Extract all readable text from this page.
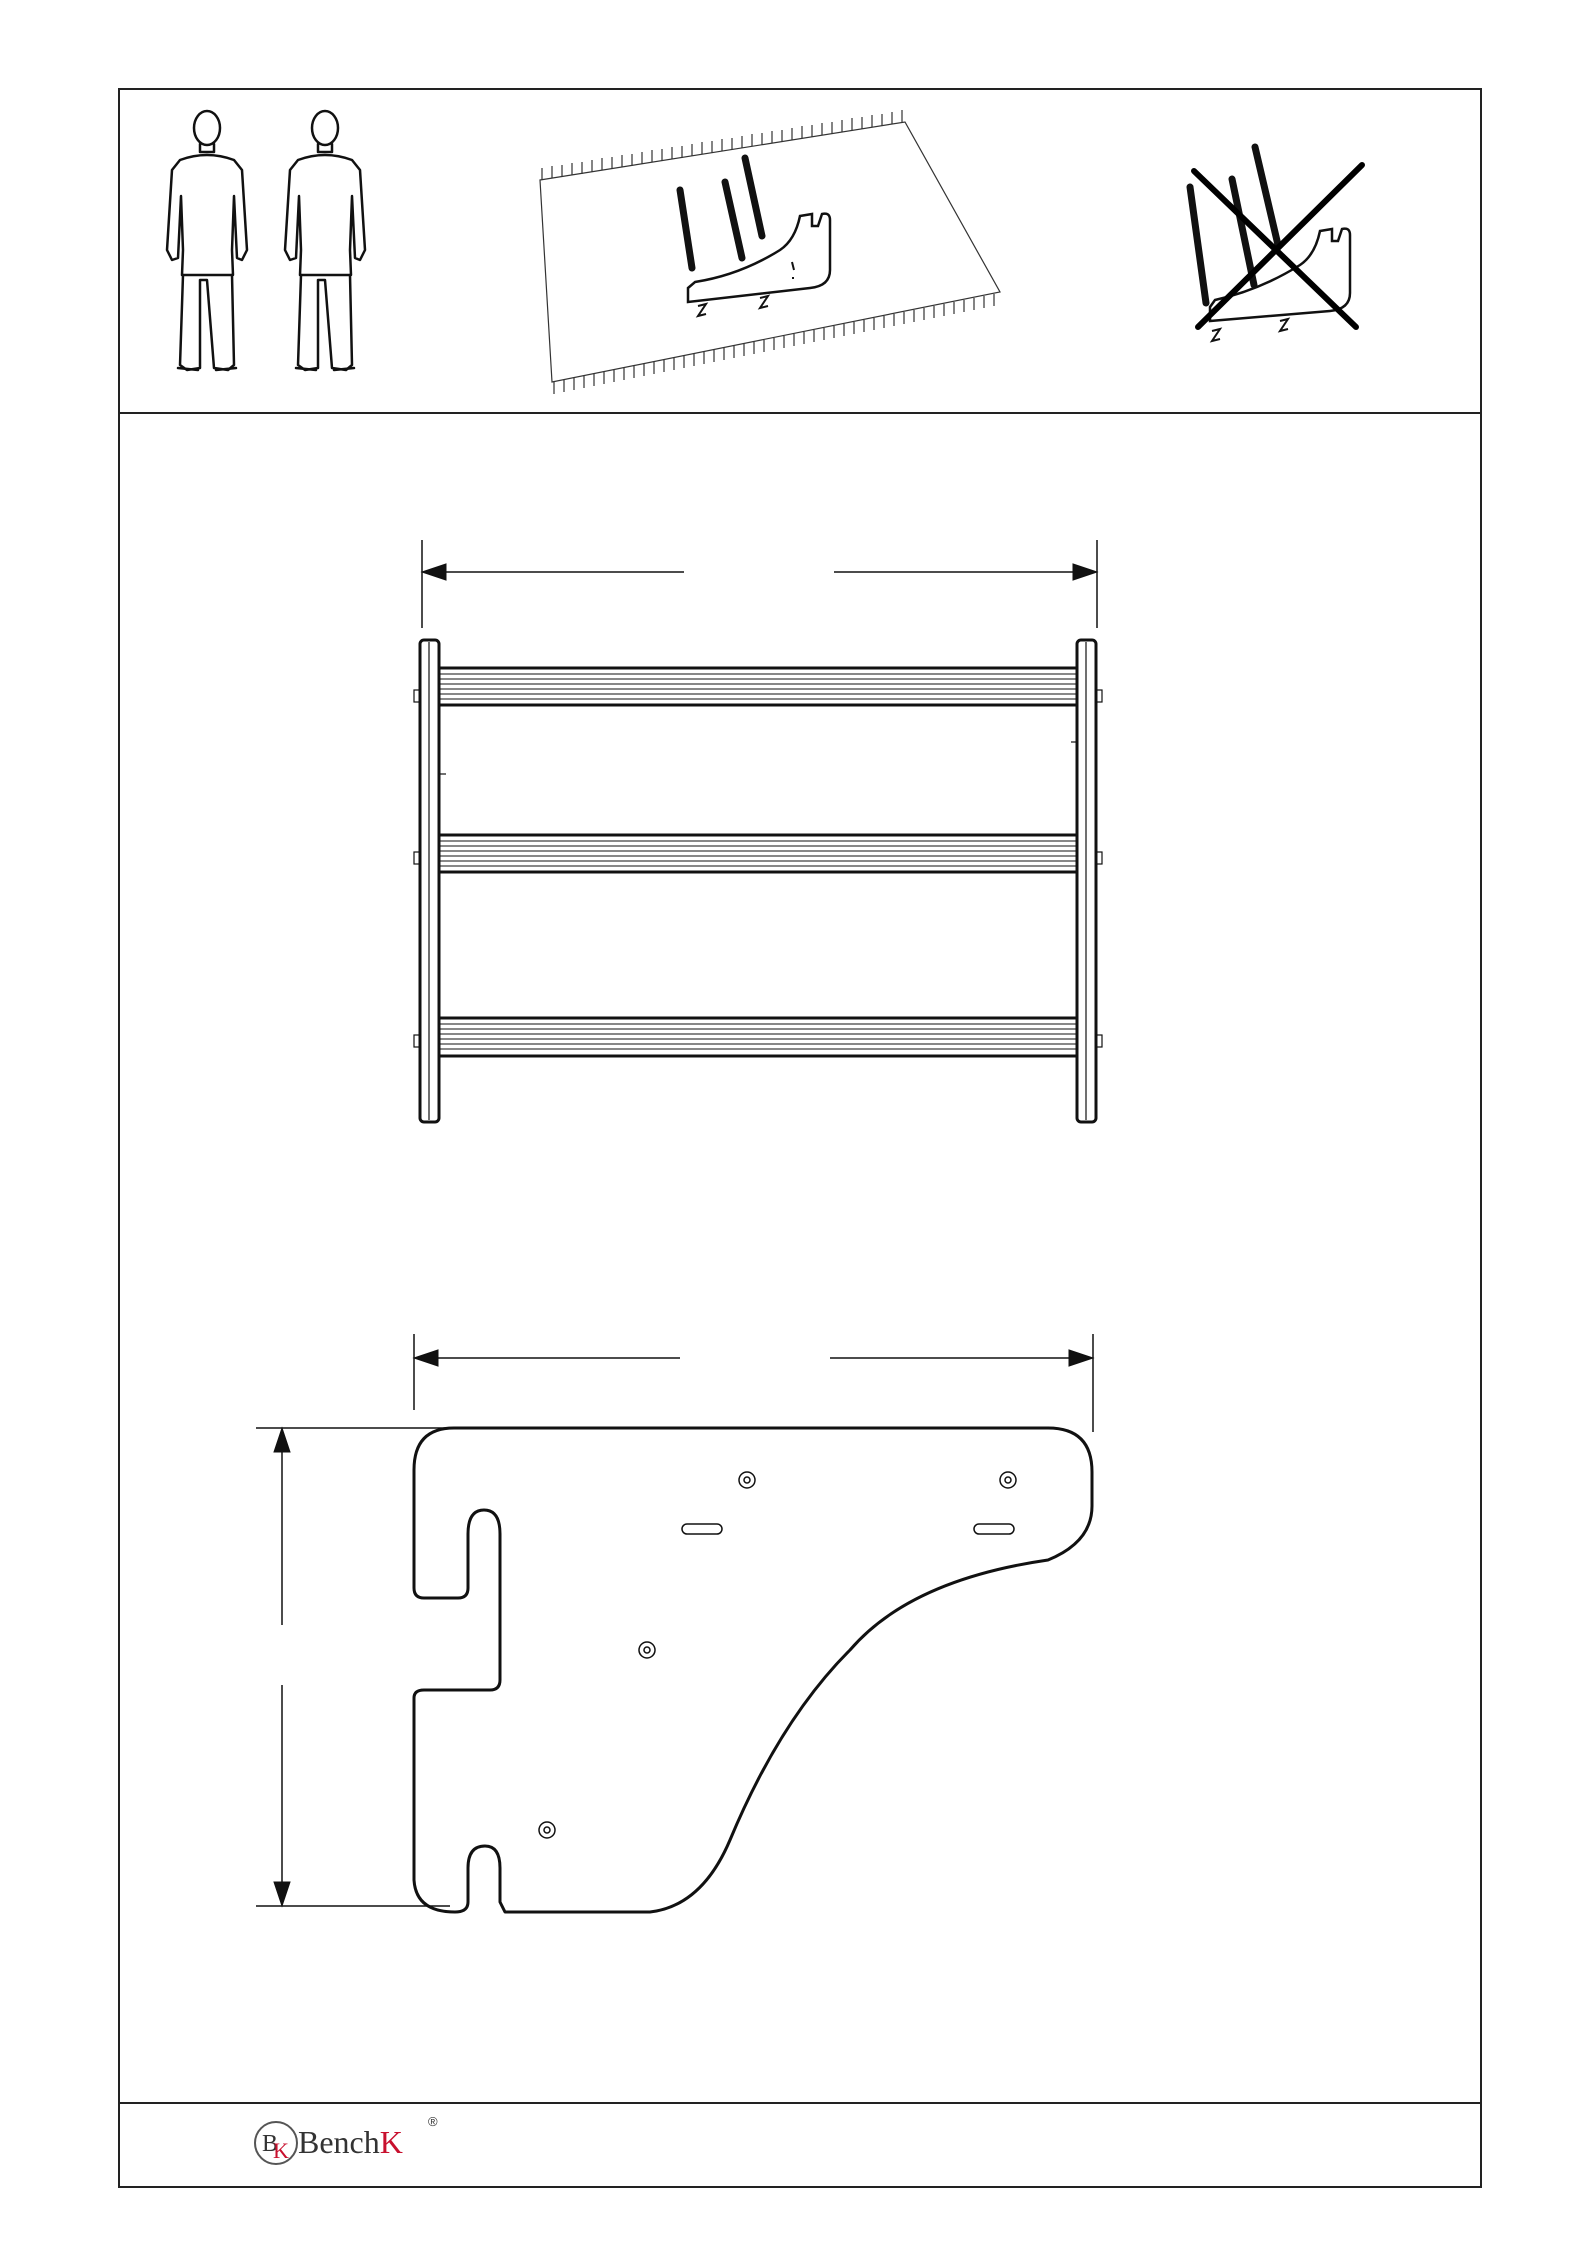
B
K BenchK
®
